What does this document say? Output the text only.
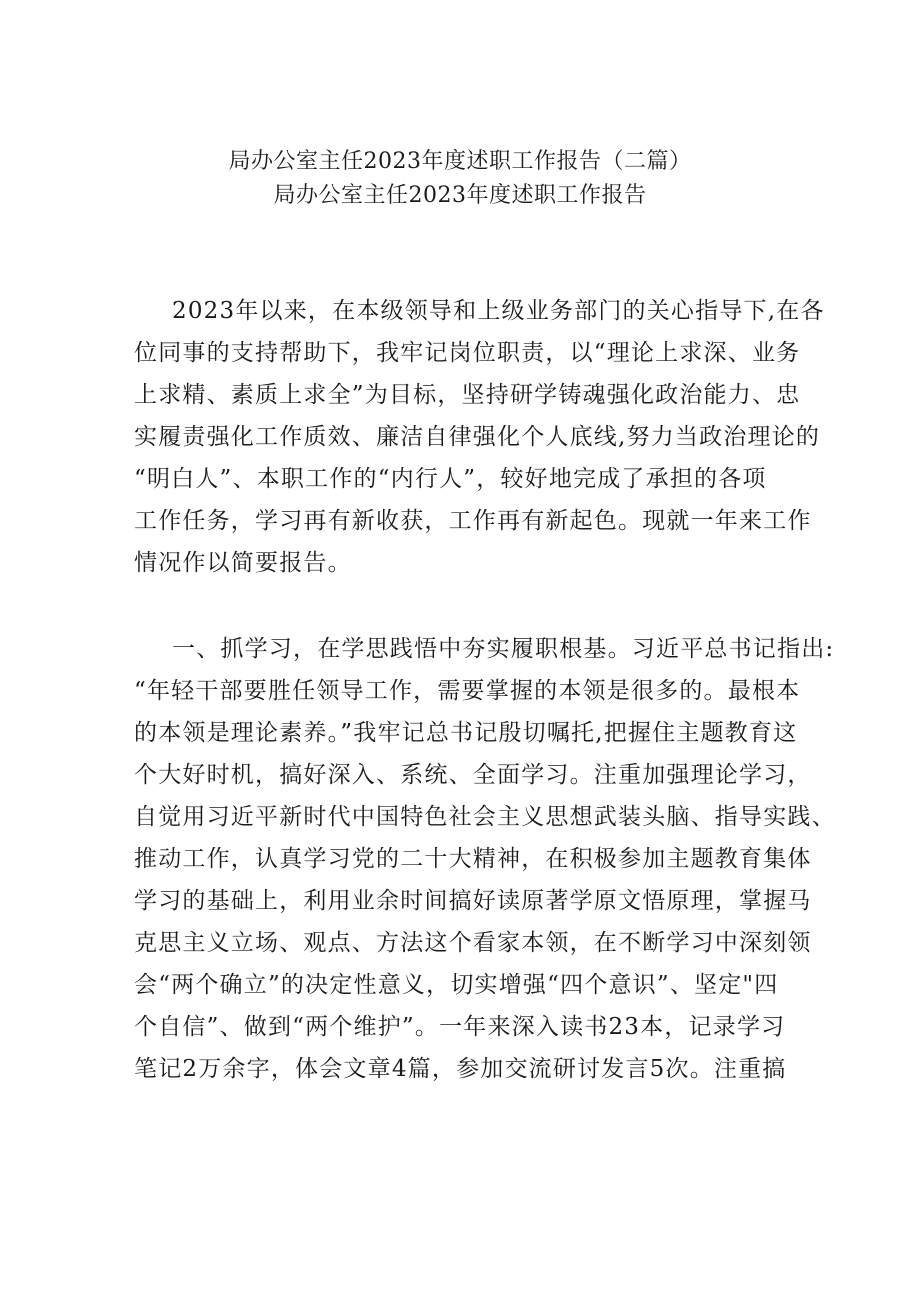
局办公室主任2023年度述职工作报告（二篇）
局办公室主任2023年度述职工作报告
2023年以来，在本级领导和上级业务部门的关心指导下,在各
位同事的支持帮助下，我牢记岗位职责，以“理论上求深、业务
上求精、素质上求全”为目标，坚持研学铸魂强化政治能力、忠
实履责强化工作质效、廉洁自律强化个人底线,努力当政治理论的
“明白人”、本职工作的“内行人”，较好地完成了承担的各项
工作任务，学习再有新收获，工作再有新起色。现就一年来工作
情况作以简要报告。
一、抓学习，在学思践悟中夯实履职根基。习近平总书记指出:
“年轻干部要胜任领导工作，需要掌握的本领是很多的。最根本
的本领是理论素养。”我牢记总书记殷切嘱托,把握住主题教育这
个大好时机，搞好深入、系统、全面学习。注重加强理论学习，
自觉用习近平新时代中国特色社会主义思想武装头脑、指导实践、
推动工作，认真学习党的二十大精神，在积极参加主题教育集体
学习的基础上，利用业余时间搞好读原著学原文悟原理，掌握马
克思主义立场、观点、方法这个看家本领，在不断学习中深刻领
会“两个确立”的决定性意义，切实增强“四个意识”、坚定"四
个自信”、做到“两个维护”。一年来深入读书23本，记录学习
笔记2万余字，体会文章4篇，参加交流研讨发言5次。注重搞
